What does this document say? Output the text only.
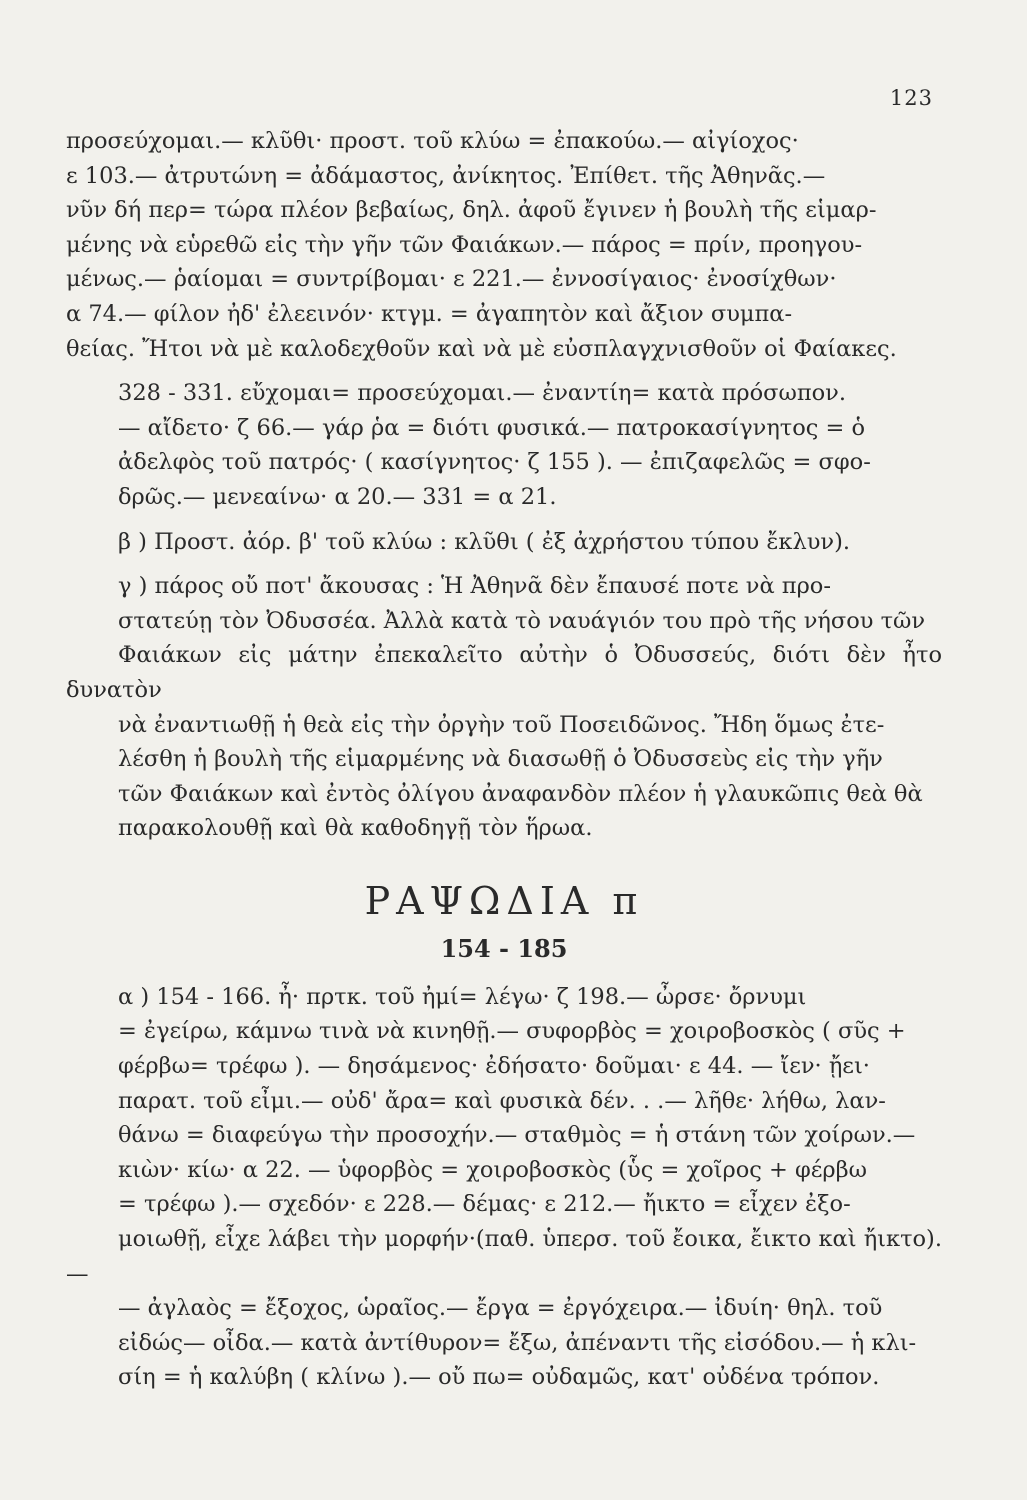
123
προσεύχομαι.— κλῦθι· προστ. τοῦ κλύω = ἐπακούω.— αἰγίοχος·
ε 103.— ἀτρυτώνη = ἀδάμαστος, ἀνίκητος. Ἐπίθετ. τῆς Ἀθηνᾶς.—
νῦν δή περ= τώρα πλέον βεβαίως, δηλ. ἀφοῦ ἔγινεν ἡ βουλὴ τῆς εἱμαρ-
μένης νὰ εὑρεθῶ εἰς τὴν γῆν τῶν Φαιάκων.— πάρος = πρίν, προηγου-
μένως.— ῥαίομαι = συντρίβομαι· ε 221.— ἐννοσίγαιος· ἐνοσίχθων·
α 74.— φίλον ἠδ' ἐλεεινόν· κτγμ. = ἀγαπητὸν καὶ ἄξιον συμπα-
θείας. Ἤτοι νὰ μὲ καλοδεχθοῦν καὶ νὰ μὲ εὐσπλαγχνισθοῦν οἱ Φαίακες.
328 - 331. εὔχομαι= προσεύχομαι.— ἐναντίη= κατὰ πρόσωπον.
— αἴδετο· ζ 66.— γάρ ῥα = διότι φυσικά.— πατροκασίγνητος = ὁ
ἀδελφὸς τοῦ πατρός· ( κασίγνητος· ζ 155 ). — ἐπιζαφελῶς = σφο-
δρῶς.— μενεαίνω· α 20.— 331 = α 21.
β ) Προστ. ἀόρ. β' τοῦ κλύω : κλῦθι ( ἐξ ἀχρήστου τύπου ἔκλυν).
γ ) πάρος οὔ ποτ' ἄκουσας : Ἡ Ἀθηνᾶ δὲν ἔπαυσέ ποτε νὰ προ-
στατεύῃ τὸν Ὀδυσσέα. Ἀλλὰ κατὰ τὸ ναυάγιόν του πρὸ τῆς νήσου τῶν
Φαιάκων εἰς μάτην ἐπεκαλεῖτο αὐτὴν ὁ Ὀδυσσεύς, διότι δὲν ἦτο δυνατὸν
νὰ ἐναντιωθῇ ἡ θεὰ εἰς τὴν ὀργὴν τοῦ Ποσειδῶνος. Ἤδη ὅμως ἐτε-
λέσθη ἡ βουλὴ τῆς εἱμαρμένης νὰ διασωθῇ ὁ Ὀδυσσεὺς εἰς τὴν γῆν
τῶν Φαιάκων καὶ ἐντὸς ὀλίγου ἀναφανδὸν πλέον ἡ γλαυκῶπις θεὰ θὰ
παρακολουθῇ καὶ θὰ καθοδηγῇ τὸν ἥρωα.
ΡΑΨΩΔΙΑ π
154 - 185
α ) 154 - 166. ἦ· πρτκ. τοῦ ἠμί= λέγω· ζ 198.— ὦρσε· ὄρνυμι
= ἐγείρω, κάμνω τινὰ νὰ κινηθῇ.— συφορβὸς = χοιροβοσκὸς ( σῦς +
φέρβω= τρέφω ). — δησάμενος· ἐδήσατο· δοῦμαι· ε 44. — ἴεν· ᾔει·
παρατ. τοῦ εἶμι.— οὐδ' ἄρα= καὶ φυσικὰ δέν. . .— λῆθε· λήθω, λαν-
θάνω = διαφεύγω τὴν προσοχήν.— σταθμὸς = ἡ στάνη τῶν χοίρων.—
κιὼν· κίω· α 22. — ὑφορβὸς = χοιροβοσκὸς (ὗς = χοῖρος + φέρβω
= τρέφω ).— σχεδόν· ε 228.— δέμας· ε 212.— ἤικτο = εἶχεν ἐξο-
μοιωθῇ, εἶχε λάβει τὴν μορφήν·(παθ. ὑπερσ. τοῦ ἔοικα, ἔικτο καὶ ἤικτο).—
— ἀγλαὸς = ἔξοχος, ὡραῖος.— ἔργα = ἐργόχειρα.— ἰδυίη· θηλ. τοῦ
εἰδώς— οἶδα.— κατὰ ἀντίθυρον= ἔξω, ἀπέναντι τῆς εἰσόδου.— ἡ κλι-
σίη = ἡ καλύβη ( κλίνω ).— οὔ πω= οὐδαμῶς, κατ' οὐδένα τρόπον.
